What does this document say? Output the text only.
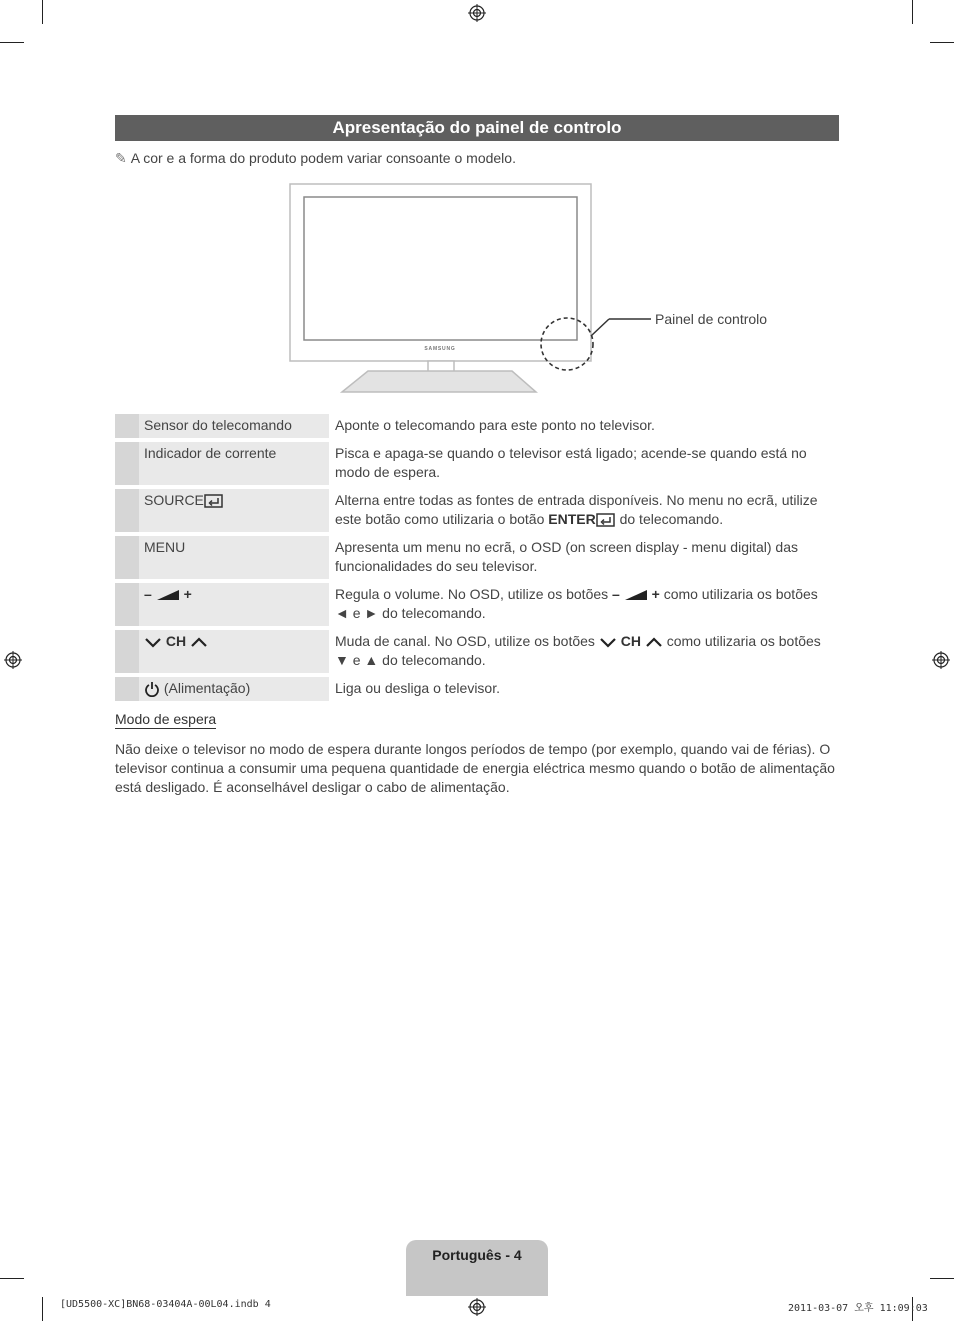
Apresentação do painel de controlo
✎ A cor e a forma do produto podem variar consoante o modelo.
SAMSUNG
Painel de controlo
	Sensor do telecomando	Aponte o telecomando para este ponto no televisor.
	Indicador de corrente	Pisca e apaga-se quando o televisor está ligado; acende-se quando está no modo de espera.
	SOURCE	Alterna entre todas as fontes de entrada disponíveis. No menu no ecrã, utilize este botão como utilizaria o botão ENTER do telecomando.
	MENU	Apresenta um menu no ecrã, o OSD (on screen display - menu digital) das funcionalidades do seu televisor.
	– +	Regula o volume. No OSD, utilize os botões – + como utilizaria os botões ◄ e ► do telecomando.
	CH	Muda de canal. No OSD, utilize os botões CH como utilizaria os botões ▼ e ▲ do telecomando.
	(Alimentação)	Liga ou desliga o televisor.
Modo de espera
Não deixe o televisor no modo de espera durante longos períodos de tempo (por exemplo, quando vai de férias). O televisor continua a consumir uma pequena quantidade de energia eléctrica mesmo quando o botão de alimentação está desligado. É aconselhável desligar o cabo de alimentação.
Português - 4
[UD5500-XC]BN68-03404A-00L04.indb 4	2011-03-07 오후 11:09:03
